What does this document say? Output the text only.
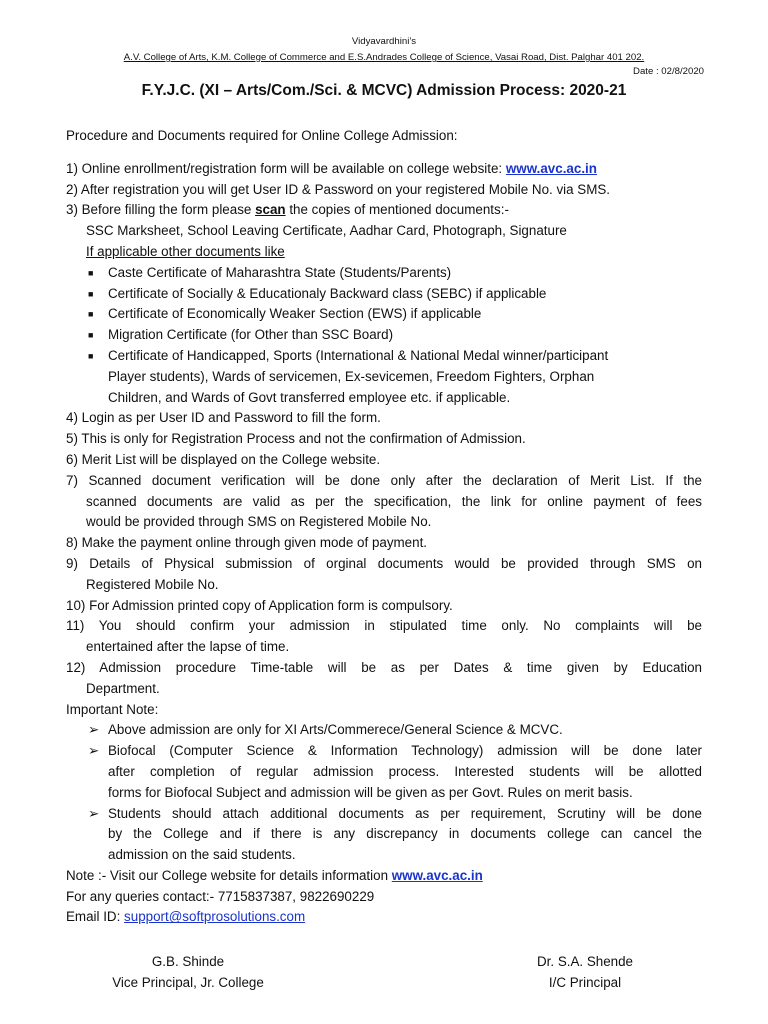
Vidyavardhini’s
A.V. College of Arts, K.M. College of Commerce and E.S.Andrades College of Science, Vasai Road, Dist. Palghar 401 202.
Date : 02/8/2020
F.Y.J.C. (XI – Arts/Com./Sci. & MCVC) Admission Process: 2020-21
Procedure and Documents required for Online College Admission:
1) Online enrollment/registration form will be available on college website: www.avc.ac.in
2) After registration you will get User ID & Password on your registered Mobile No. via SMS.
3) Before filling the form please scan the copies of mentioned documents:-
SSC Marksheet, School Leaving Certificate, Aadhar Card, Photograph, Signature
If applicable other documents like
■ Caste Certificate of Maharashtra State (Students/Parents)
■ Certificate of Socially & Educationaly Backward class (SEBC) if applicable
■ Certificate of Economically Weaker Section (EWS) if applicable
■ Migration Certificate (for Other than SSC Board)
■ Certificate of Handicapped, Sports (International & National Medal winner/participant
Player students), Wards of servicemen, Ex-sevicemen, Freedom Fighters, Orphan
Children, and Wards of Govt transferred employee etc. if applicable.
4) Login as per User ID and Password to fill the form.
5) This is only for Registration Process and not the confirmation of Admission.
6) Merit List will be displayed on the College website.
7) Scanned document verification will be done only after the declaration of Merit List. If the
scanned documents are valid as per the specification, the link for online payment of fees
would be provided through SMS on Registered Mobile No.
8) Make the payment online through given mode of payment.
9) Details of Physical submission of orginal documents would be provided through SMS on
Registered Mobile No.
10) For Admission printed copy of Application form is compulsory.
11) You should confirm your admission in stipulated time only. No complaints will be
entertained after the lapse of time.
12) Admission procedure Time-table will be as per Dates & time given by Education
Department.
Important Note:
➢ Above admission are only for XI Arts/Commerece/General Science & MCVC.
➢ Biofocal (Computer Science & Information Technology) admission will be done later
after completion of regular admission process. Interested students will be allotted
forms for Biofocal Subject and admission will be given as per Govt. Rules on merit basis.
➢ Students should attach additional documents as per requirement, Scrutiny will be done
by the College and if there is any discrepancy in documents college can cancel the
admission on the said students.
Note :- Visit our College website for details information www.avc.ac.in
For any queries contact:- 7715837387, 9822690229
Email ID: support@softprosolutions.com
G.B. Shinde
Vice Principal, Jr. College
Dr. S.A. Shende
I/C Principal
